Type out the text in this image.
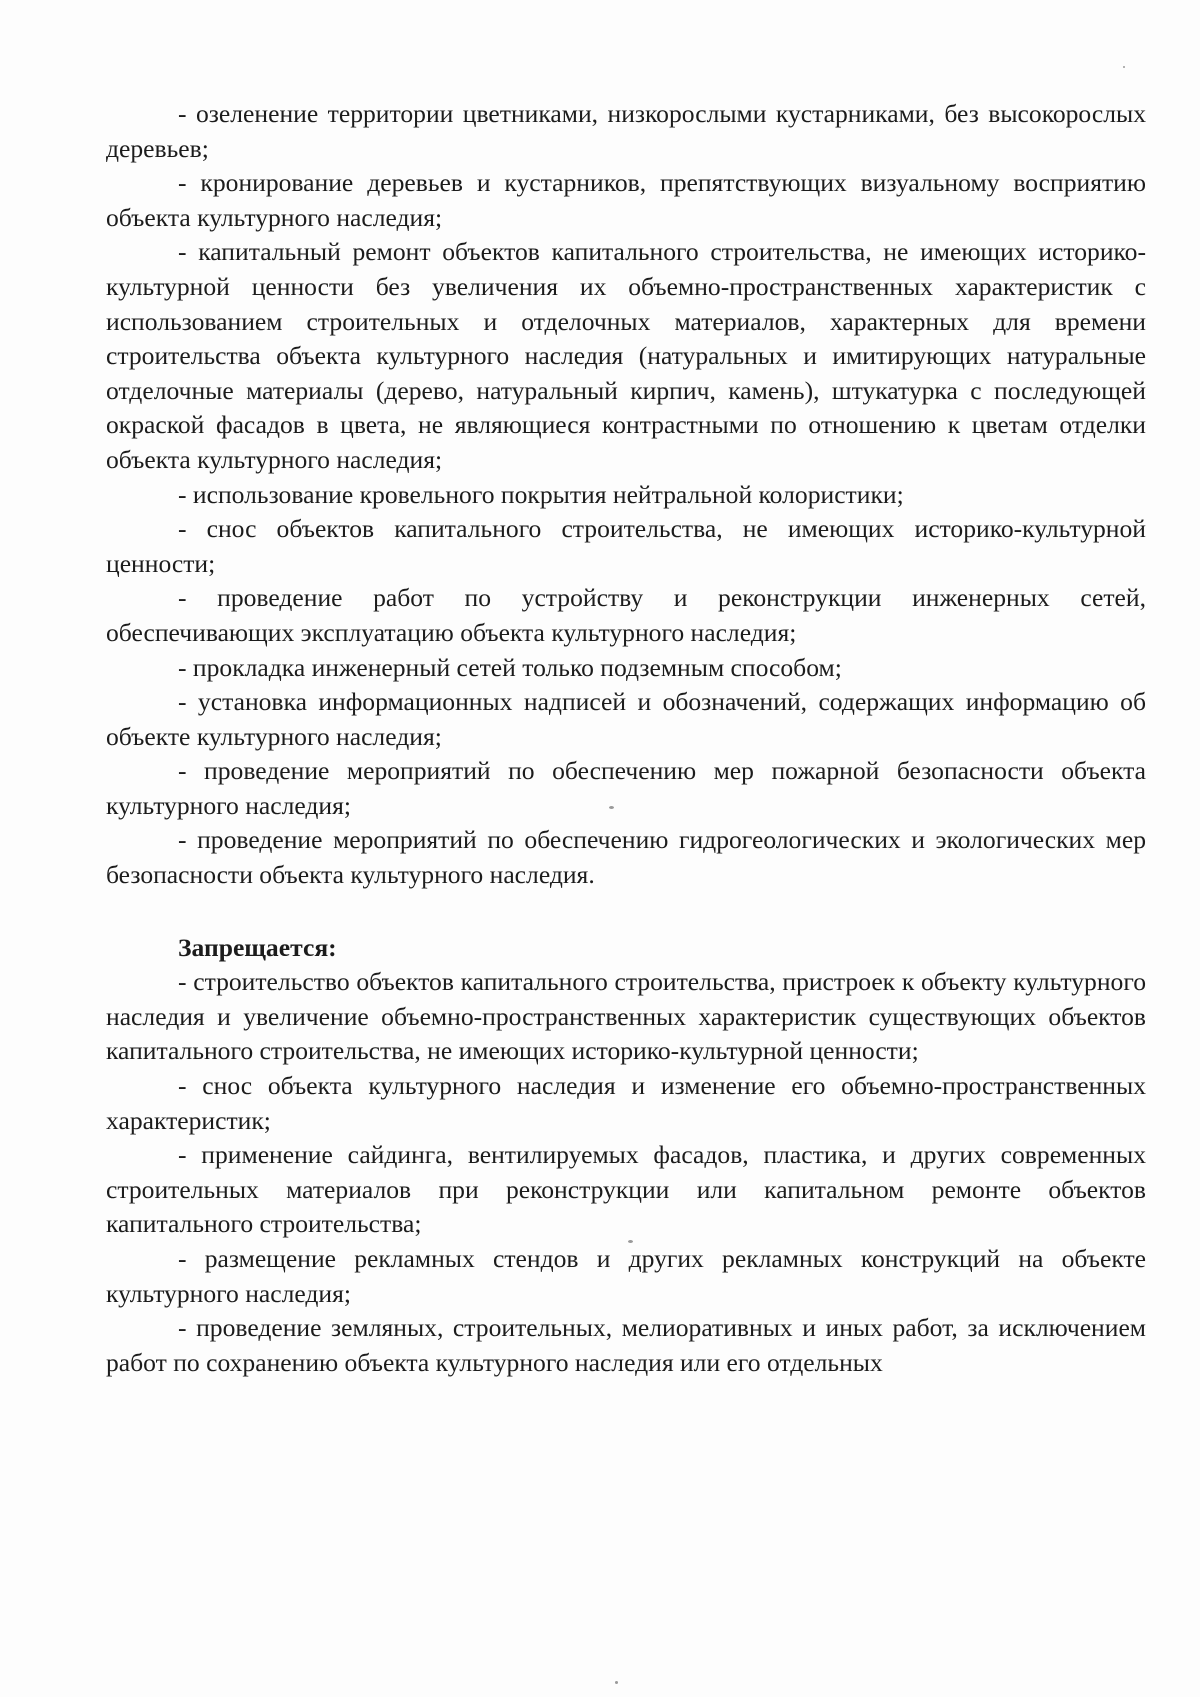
- озеленение территории цветниками, низкорослыми кустарниками, без высокорослых деревьев;

- кронирование деревьев и кустарников, препятствующих визуальному восприятию объекта культурного наследия;

- капитальный ремонт объектов капитального строительства, не имеющих историко-культурной ценности без увеличения их объемно-пространственных характеристик с использованием строительных и отделочных материалов, характерных для времени строительства объекта культурного наследия (натуральных и имитирующих натуральные отделочные материалы (дерево, натуральный кирпич, камень), штукатурка с последующей окраской фасадов в цвета, не являющиеся контрастными по отношению к цветам отделки объекта культурного наследия;

- использование кровельного покрытия нейтральной колористики;

- снос объектов капитального строительства, не имеющих историко-культурной ценности;

- проведение работ по устройству и реконструкции инженерных сетей, обеспечивающих эксплуатацию объекта культурного наследия;

- прокладка инженерный сетей только подземным способом;

- установка информационных надписей и обозначений, содержащих информацию об объекте культурного наследия;

- проведение мероприятий по обеспечению мер пожарной безопасности объекта культурного наследия;

- проведение мероприятий по обеспечению гидрогеологических и экологических мер безопасности объекта культурного наследия.

Запрещается:

- строительство объектов капитального строительства, пристроек к объекту культурного наследия и увеличение объемно-пространственных характеристик существующих объектов капитального строительства, не имеющих историко-культурной ценности;

- снос объекта культурного наследия и изменение его объемно-пространственных характеристик;

- применение сайдинга, вентилируемых фасадов, пластика, и других современных строительных материалов при реконструкции или капитальном ремонте объектов капитального строительства;

- размещение рекламных стендов и других рекламных конструкций на объекте культурного наследия;

- проведение земляных, строительных, мелиоративных и иных работ, за исключением работ по сохранению объекта культурного наследия или его отдельных
